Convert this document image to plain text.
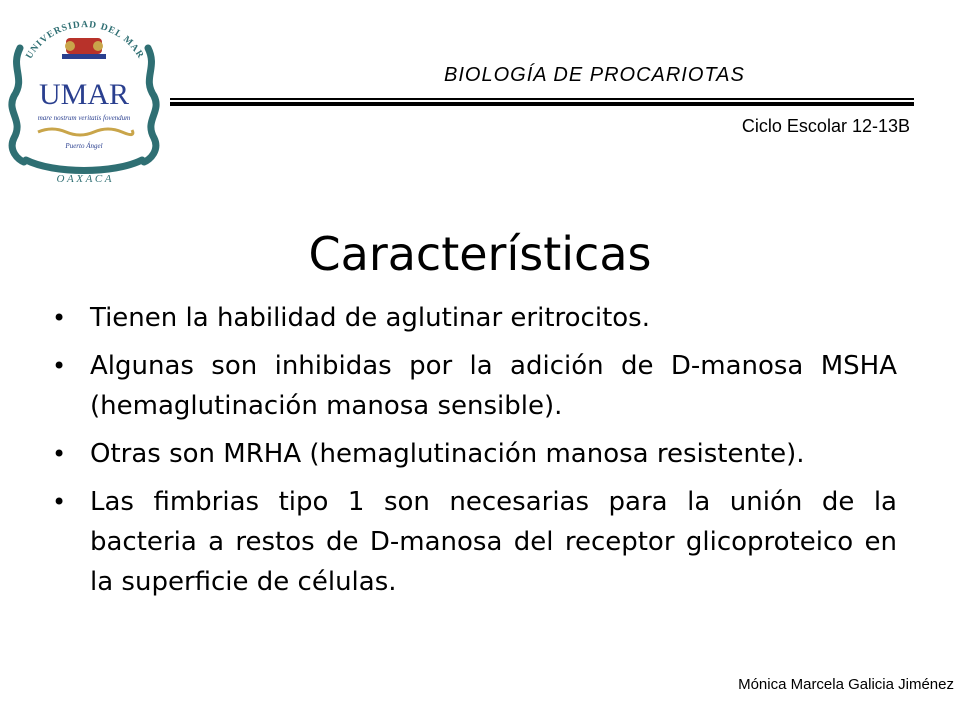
UNIVERSIDAD DEL MAR
UMAR
mare nostrum veritatis fovendum
Puerto Ángel
O A X A C A
BIOLOGÍA DE PROCARIOTAS
Ciclo Escolar 12-13B
Características
• Tienen la habilidad de aglutinar eritrocitos.
• Algunas son inhibidas por la adición de D-manosa MSHA (hemaglutinación manosa sensible).
• Otras son MRHA (hemaglutinación manosa resistente).
• Las fimbrias tipo 1 son necesarias para la unión de la bacteria a restos de D-manosa del receptor glicoproteico en la superficie de células.
Mónica Marcela Galicia Jiménez
